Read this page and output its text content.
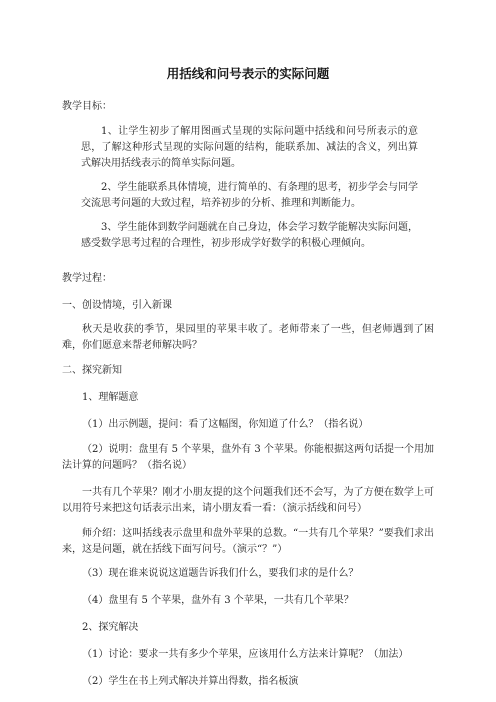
用括线和问号表示的实际问题
教学目标：
1、让学生初步了解用图画式呈现的实际问题中括线和问号所表示的意思，了解这种形式呈现的实际问题的结构，能联系加、减法的含义，列出算式解决用括线表示的简单实际问题。
2、学生能联系具体情境，进行简单的、有条理的思考，初步学会与同学交流思考问题的大致过程，培养初步的分析、推理和判断能力。
3、学生能体到数学问题就在自己身边，体会学习数学能解决实际问题，感受数学思考过程的合理性，初步形成学好数学的积极心理倾向。
教学过程：
一、创设情境，引入新课
秋天是收获的季节，果园里的苹果丰收了。老师带来了一些，但老师遇到了困难，你们愿意来帮老师解决吗？
二、探究新知
1、理解题意
（1）出示例题，提问：看了这幅图，你知道了什么？（指名说）
（2）说明：盘里有 5 个苹果，盘外有 3 个苹果。你能根据这两句话提一个用加法计算的问题吗？（指名说）
一共有几个苹果？刚才小朋友提的这个问题我们还不会写，为了方便在数学上可以用符号来把这句话表示出来，请小朋友看一看：（演示括线和问号）
师介绍：这叫括线表示盘里和盘外苹果的总数。“一共有几个苹果？”要我们求出来，这是问题，就在括线下面写问号。（演示“？”）
（3）现在谁来说说这道题告诉我们什么，要我们求的是什么？
（4）盘里有 5 个苹果，盘外有 3 个苹果，一共有几个苹果？
2、探究解决
（1）讨论：要求一共有多少个苹果，应该用什么方法来计算呢？（加法）
（2）学生在书上列式解决并算出得数，指名板演
